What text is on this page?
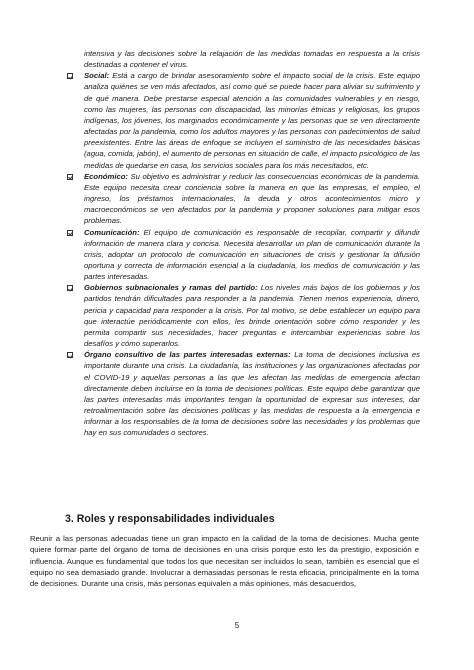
intensiva y las decisiones sobre la relajación de las medidas tomadas en respuesta a la crisis destinadas a contener el virus.

Social: Está a cargo de brindar asesoramiento sobre el impacto social de la crisis. Este equipo analiza quiénes se ven más afectados, así como qué se puede hacer para aliviar su sufrimiento y de qué manera. Debe prestarse especial atención a las comunidades vulnerables y en riesgo, como las mujeres, las personas con discapacidad, las minorías étnicas y religiosas, los grupos indígenas, los jóvenes, los marginados económicamente y las personas que se ven directamente afectadas por la pandemia, como los adultos mayores y las personas con padecimientos de salud preexistentes. Entre las áreas de enfoque se incluyen el suministro de las necesidades básicas (agua, comida, jabón), el aumento de personas en situación de calle, el impacto psicológico de las medidas de quedarse en casa, los servicios sociales para los más necesitados, etc.
Económico: Su objetivo es administrar y reducir las consecuencias económicas de la pandemia. Este equipo necesita crear conciencia sobre la manera en que las empresas, el empleo, el ingreso, los préstamos internacionales, la deuda y otros acontecimientos micro y macroeconómicos se ven afectados por la pandemia y proponer soluciones para mitigar esos problemas.
Comunicación: El equipo de comunicación es responsable de recopilar, compartir y difundir información de manera clara y concisa. Necesita desarrollar un plan de comunicación durante la crisis, adoptar un protocolo de comunicación en situaciones de crisis y gestionar la difusión oportuna y correcta de información esencial a la ciudadanía, los medios de comunicación y las partes interesadas.
Gobiernos subnacionales y ramas del partido: Los niveles más bajos de los gobiernos y los partidos tendrán dificultades para responder a la pandemia. Tienen menos experiencia, dinero, pericia y capacidad para responder a la crisis. Por tal motivo, se debe establecer un equipo para que interactúe periódicamente con ellos, les brinde orientación sobre cómo responder y les permita compartir sus necesidades, hacer preguntas e intercambiar experiencias sobre los desafíos y cómo superarlos.
Órgano consultivo de las partes interesadas externas: La toma de decisiones inclusiva es importante durante una crisis. La ciudadanía, las instituciones y las organizaciones afectadas por el COVID-19 y aquellas personas a las que les afectan las medidas de emergencia afectan directamente deben incluirse en la toma de decisiones políticas. Este equipo debe garantizar que las partes interesadas más importantes tengan la oportunidad de expresar sus intereses, dar retroalimentación sobre las decisiones políticas y las medidas de respuesta a la emergencia e informar a los responsables de la toma de decisiones sobre las necesidades y los problemas que hay en sus comunidades o sectores.
3. Roles y responsabilidades individuales

Reunir a las personas adecuadas tiene un gran impacto en la calidad de la toma de decisiones. Mucha gente quiere formar parte del órgano de toma de decisiones en una crisis porque esto les da prestigio, exposición e influencia. Aunque es fundamental que todos los que necesitan ser incluidos lo sean, también es esencial que el equipo no sea demasiado grande. Involucrar a demasiadas personas le resta eficacia, principalmente en la toma de decisiones. Durante una crisis, más personas equivalen a más opiniones, más desacuerdos,

5
